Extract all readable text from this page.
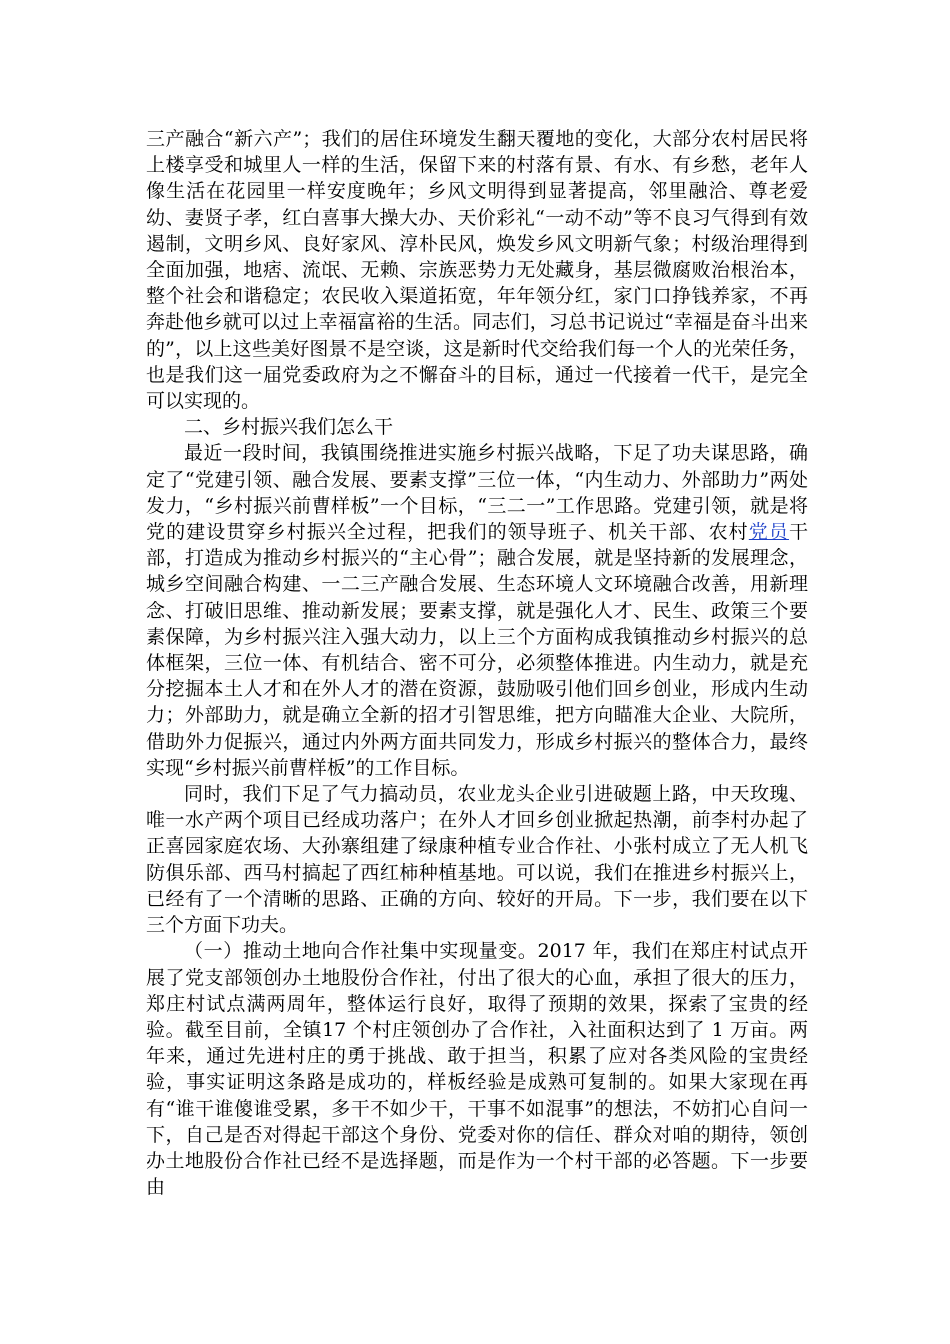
三产融合“新六产”；我们的居住环境发生翻天覆地的变化，大部分农村居民将上楼享受和城里人一样的生活，保留下来的村落有景、有水、有乡愁，老年人像生活在花园里一样安度晚年；乡风文明得到显著提高，邻里融洽、尊老爱幼、妻贤子孝，红白喜事大操大办、天价彩礼“一动不动”等不良习气得到有效遏制，文明乡风、良好家风、淳朴民风，焕发乡风文明新气象；村级治理得到全面加强，地痞、流氓、无赖、宗族恶势力无处藏身，基层微腐败治根治本，整个社会和谐稳定；农民收入渠道拓宽，年年领分红，家门口挣钱养家，不再奔赴他乡就可以过上幸福富裕的生活。同志们，习总书记说过“幸福是奋斗出来的”，以上这些美好图景不是空谈，这是新时代交给我们每一个人的光荣任务，也是我们这一届党委政府为之不懈奋斗的目标，通过一代接着一代干，是完全可以实现的。

二、乡村振兴我们怎么干

最近一段时间，我镇围绕推进实施乡村振兴战略，下足了功夫谋思路，确定了“党建引领、融合发展、要素支撑”三位一体，“内生动力、外部助力”两处发力，“乡村振兴前曹样板”一个目标，“三二一”工作思路。党建引领，就是将党的建设贯穿乡村振兴全过程，把我们的领导班子、机关干部、农村党员干部，打造成为推动乡村振兴的“主心骨”；融合发展，就是坚持新的发展理念，城乡空间融合构建、一二三产融合发展、生态环境人文环境融合改善，用新理念、打破旧思维、推动新发展；要素支撑，就是强化人才、民生、政策三个要素保障，为乡村振兴注入强大动力，以上三个方面构成我镇推动乡村振兴的总体框架，三位一体、有机结合、密不可分，必须整体推进。内生动力，就是充分挖掘本土人才和在外人才的潜在资源，鼓励吸引他们回乡创业，形成内生动力；外部助力，就是确立全新的招才引智思维，把方向瞄准大企业、大院所，借助外力促振兴，通过内外两方面共同发力，形成乡村振兴的整体合力，最终实现“乡村振兴前曹样板”的工作目标。

同时，我们下足了气力搞动员，农业龙头企业引进破题上路，中天玫瑰、唯一水产两个项目已经成功落户；在外人才回乡创业掀起热潮，前李村办起了正喜园家庭农场、大孙寨组建了绿康种植专业合作社、小张村成立了无人机飞防俱乐部、西马村搞起了西红柿种植基地。可以说，我们在推进乡村振兴上，已经有了一个清晰的思路、正确的方向、较好的开局。下一步，我们要在以下三个方面下功夫。

（一）推动土地向合作社集中实现量变。2017 年，我们在郑庄村试点开展了党支部领创办土地股份合作社，付出了很大的心血，承担了很大的压力，郑庄村试点满两周年，整体运行良好，取得了预期的效果，探索了宝贵的经验。截至目前，全镇17 个村庄领创办了合作社，入社面积达到了 1 万亩。两年来，通过先进村庄的勇于挑战、敢于担当，积累了应对各类风险的宝贵经验，事实证明这条路是成功的，样板经验是成熟可复制的。如果大家现在再有“谁干谁傻谁受累，多干不如少干，干事不如混事”的想法，不妨扪心自问一下，自己是否对得起干部这个身份、党委对你的信任、群众对咱的期待，领创办土地股份合作社已经不是选择题，而是作为一个村干部的必答题。下一步要由
